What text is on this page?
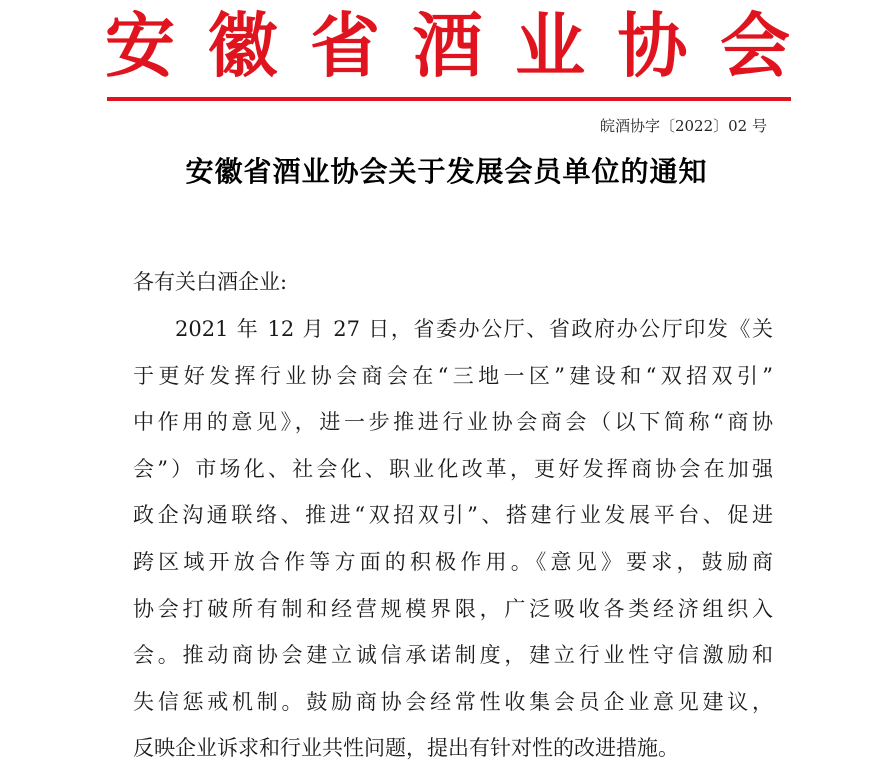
安 徽 省 酒 业 协 会
皖酒协字〔2022〕02 号
安徽省酒业协会关于发展会员单位的通知
各有关白酒企业:
2021 年 12 月 27 日，省委办公厅、省政府办公厅印发《关
于更好发挥行业协会商会在“三地一区”建设和“双招双引”
中作用的意见》，进一步推进行业协会商会（以下简称“商协
会”）市场化、社会化、职业化改革，更好发挥商协会在加强
政企沟通联络、推进“双招双引”、搭建行业发展平台、促进
跨区域开放合作等方面的积极作用。《意见》要求，鼓励商
协会打破所有制和经营规模界限，广泛吸收各类经济组织入
会。推动商协会建立诚信承诺制度，建立行业性守信激励和
失信惩戒机制。鼓励商协会经常性收集会员企业意见建议，
反映企业诉求和行业共性问题，提出有针对性的改进措施。
